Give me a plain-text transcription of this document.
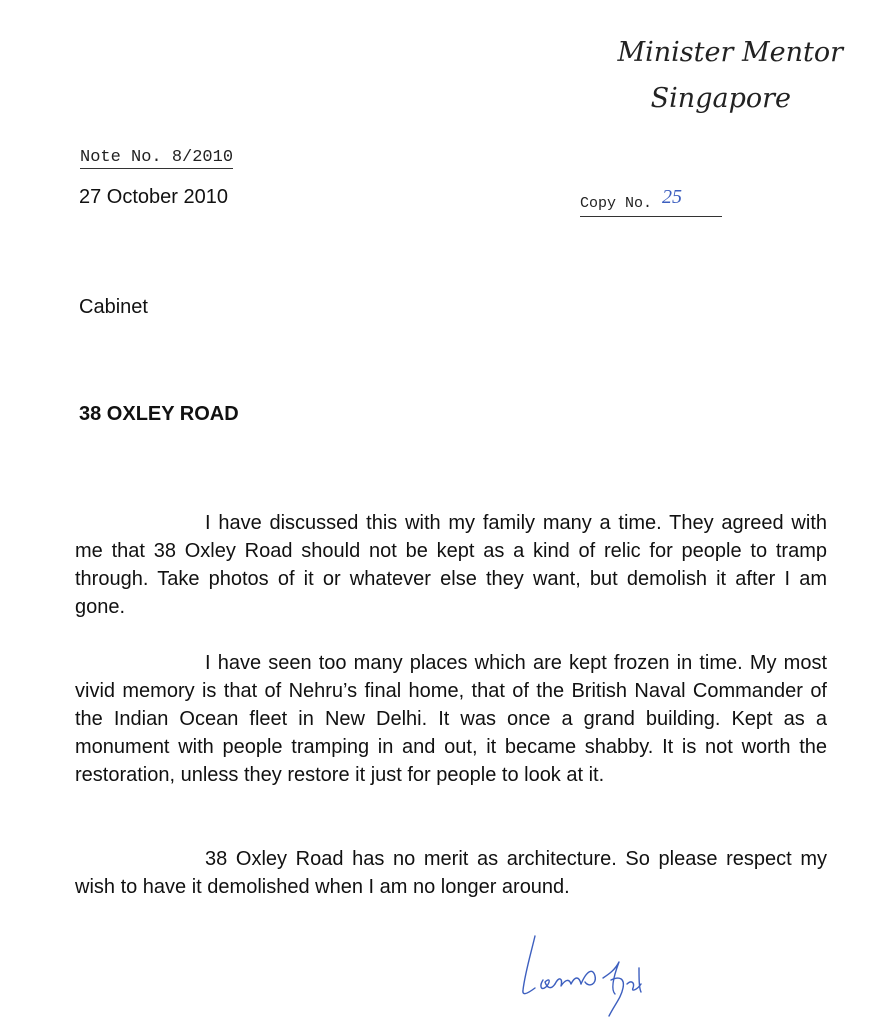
Minister Mentor
Singapore
Note No. 8/2010
27 October 2010	Copy No. 25
Cabinet
38 OXLEY ROAD

I have discussed this with my family many a time. They agreed with me that 38 Oxley Road should not be kept as a kind of relic for people to tramp through. Take photos of it or whatever else they want, but demolish it after I am gone.

I have seen too many places which are kept frozen in time. My most vivid memory is that of Nehru’s final home, that of the British Naval Commander of the Indian Ocean fleet in New Delhi. It was once a grand building. Kept as a monument with people tramping in and out, it became shabby. It is not worth the restoration, unless they restore it just for people to look at it.

38 Oxley Road has no merit as architecture. So please respect my wish to have it demolished when I am no longer around.
